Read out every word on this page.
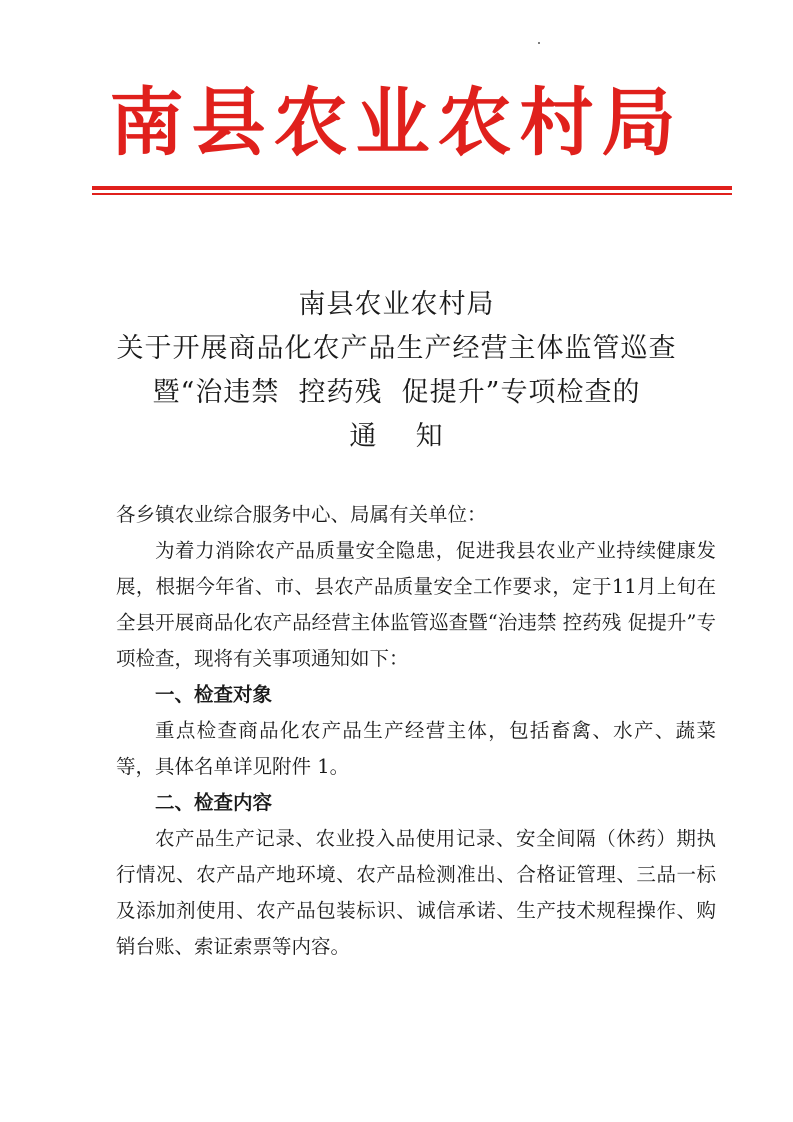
南县农业农村局
南县农业农村局
关于开展商品化农产品生产经营主体监管巡查
暨“治违禁  控药残  促提升”专项检查的
通    知

各乡镇农业综合服务中心、局属有关单位：

为着力消除农产品质量安全隐患，促进我县农业产业持续健康发展，根据今年省、市、县农产品质量安全工作要求，定于11月上旬在全县开展商品化农产品经营主体监管巡查暨“治违禁 控药残 促提升”专项检查，现将有关事项通知如下：

一、检查对象

重点检查商品化农产品生产经营主体，包括畜禽、水产、蔬菜等，具体名单详见附件 1。

二、检查内容

农产品生产记录、农业投入品使用记录、安全间隔（休药）期执行情况、农产品产地环境、农产品检测准出、合格证管理、三品一标及添加剂使用、农产品包装标识、诚信承诺、生产技术规程操作、购销台账、索证索票等内容。
